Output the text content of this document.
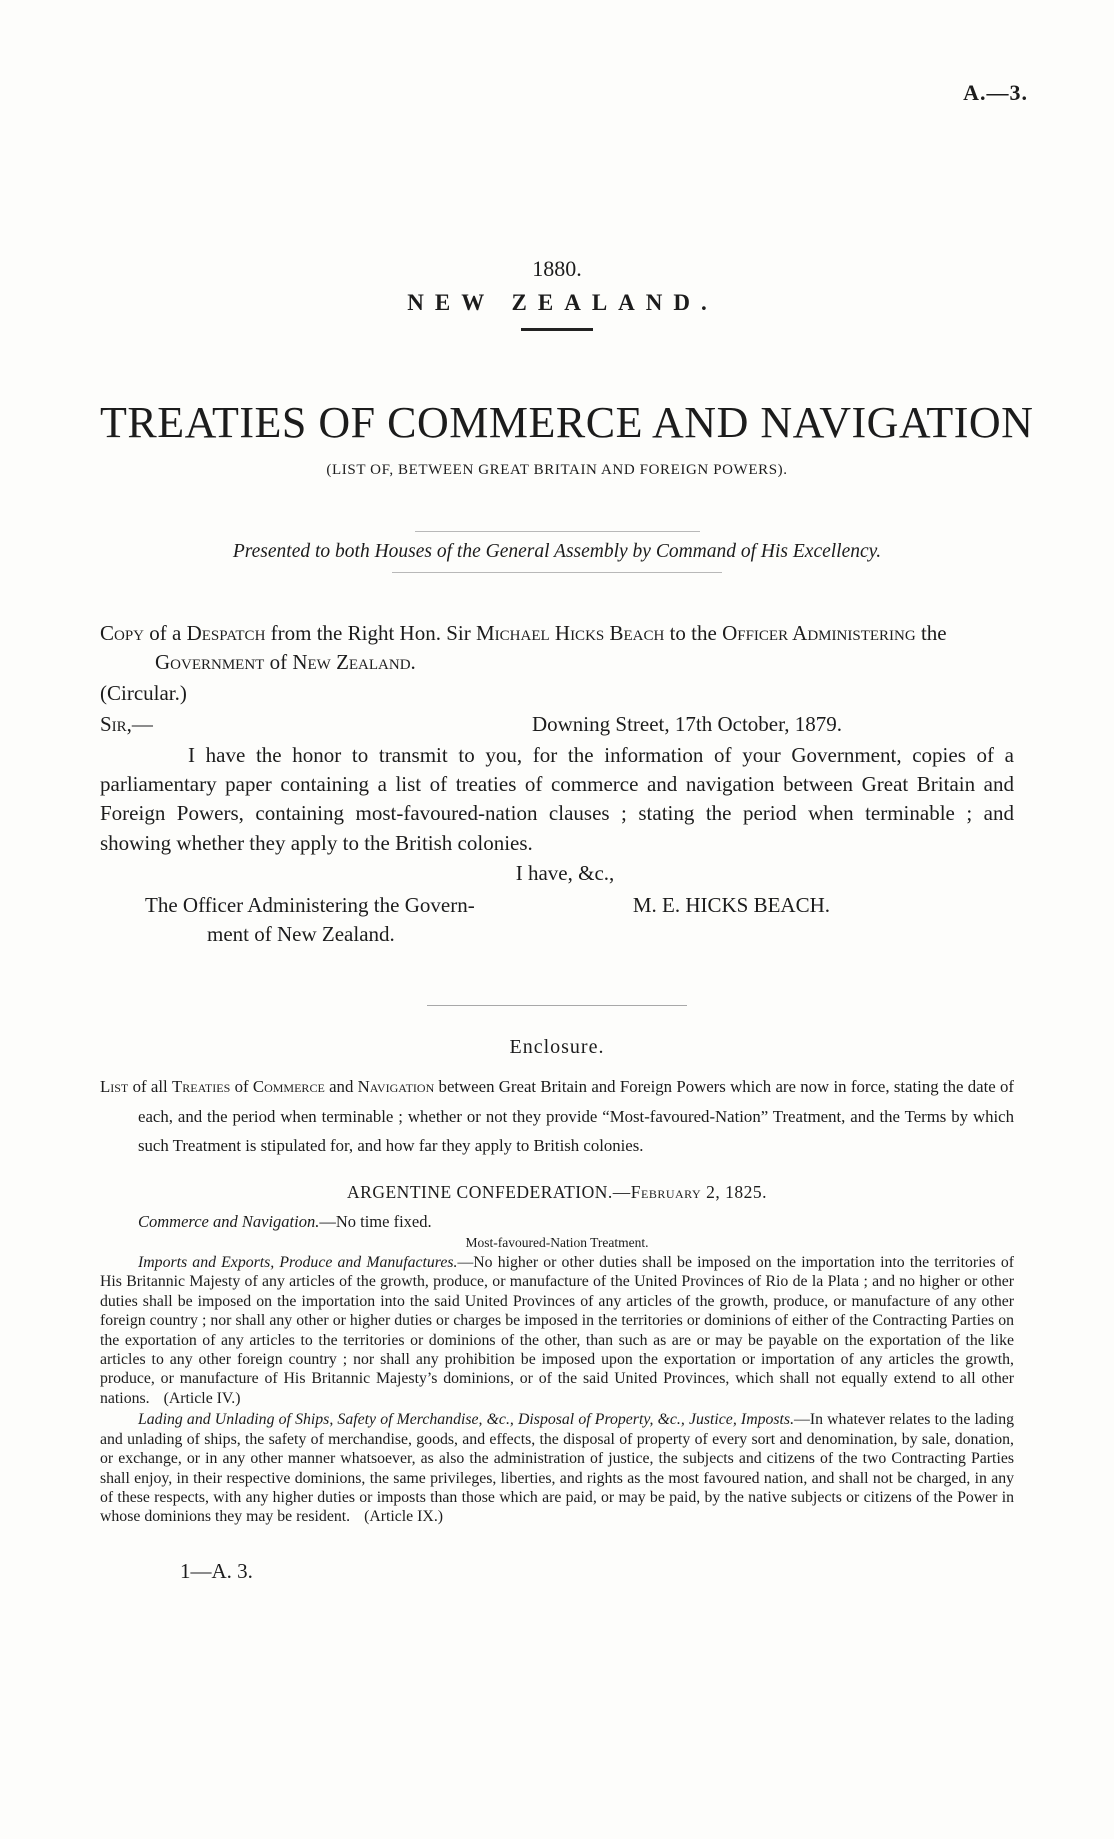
A.—3.
1880.
NEW ZEALAND.
TREATIES OF COMMERCE AND NAVIGATION
(LIST OF, BETWEEN GREAT BRITAIN AND FOREIGN POWERS).
Presented to both Houses of the General Assembly by Command of His Excellency.
Copy of a Despatch from the Right Hon. Sir Michael Hicks Beach to the Officer Administering the Government of New Zealand.
(Circular.)
Sir,—	Downing Street, 17th October, 1879.
I have the honor to transmit to you, for the information of your Government, copies of a parliamentary paper containing a list of treaties of commerce and navigation between Great Britain and Foreign Powers, containing most-favoured-nation clauses ; stating the period when terminable ; and showing whether they apply to the British colonies.
I have, &c.,
The Officer Administering the Govern-
ment of New Zealand.
M. E. HICKS BEACH.
Enclosure.
List of all Treaties of Commerce and Navigation between Great Britain and Foreign Powers which are now in force, stating the date of each, and the period when terminable ; whether or not they provide “Most-favoured-Nation” Treatment, and the Terms by which such Treatment is stipulated for, and how far they apply to British colonies.
ARGENTINE CONFEDERATION.—February 2, 1825.
Commerce and Navigation.—No time fixed.
Most-favoured-Nation Treatment.
Imports and Exports, Produce and Manufactures.—No higher or other duties shall be imposed on the importation into the territories of His Britannic Majesty of any articles of the growth, produce, or manufacture of the United Provinces of Rio de la Plata ; and no higher or other duties shall be imposed on the importation into the said United Provinces of any articles of the growth, produce, or manufacture of any other foreign country ; nor shall any other or higher duties or charges be imposed in the territories or dominions of either of the Contracting Parties on the exportation of any articles to the territories or dominions of the other, than such as are or may be payable on the exportation of the like articles to any other foreign country ; nor shall any prohibition be imposed upon the exportation or importation of any articles the growth, produce, or manufacture of His Britannic Majesty’s dominions, or of the said United Provinces, which shall not equally extend to all other nations. (Article IV.)
Lading and Unlading of Ships, Safety of Merchandise, &c., Disposal of Property, &c., Justice, Imposts.—In whatever relates to the lading and unlading of ships, the safety of merchandise, goods, and effects, the disposal of property of every sort and denomination, by sale, donation, or exchange, or in any other manner whatsoever, as also the administration of justice, the subjects and citizens of the two Contracting Parties shall enjoy, in their respective dominions, the same privileges, liberties, and rights as the most favoured nation, and shall not be charged, in any of these respects, with any higher duties or imposts than those which are paid, or may be paid, by the native subjects or citizens of the Power in whose dominions they may be resident. (Article IX.)
1—A. 3.
